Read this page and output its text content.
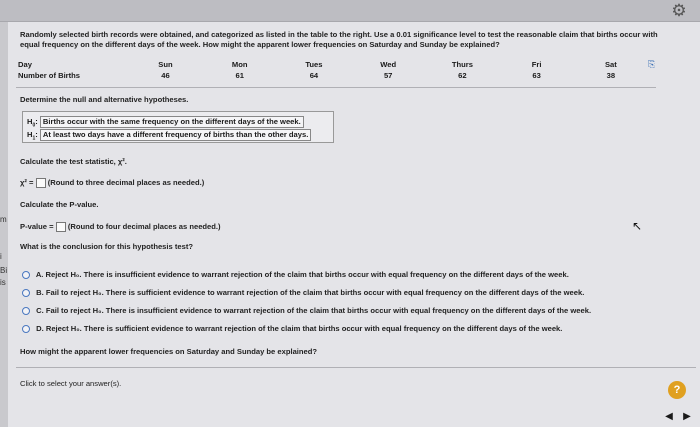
⚙
m
i
Bi
is
Randomly selected birth records were obtained, and categorized as listed in the table to the right. Use a 0.01 significance level to test the reasonable claim that births occur with equal frequency on the different days of the week. How might the apparent lower frequencies on Saturday and Sunday be explained?
Day	Sun	Mon	Tues	Wed	Thurs	Fri	Sat
Number of Births	46	61	64	57	62	63	38
⎘
Determine the null and alternative hypotheses.
$H_0$: Births occur with the same frequency on the different days of the week.
$H_1$: At least two days have a different frequency of births than the other days.
Calculate the test statistic, χ².
χ² = (Round to three decimal places as needed.)
Calculate the P-value.
P-value = (Round to four decimal places as needed.)
What is the conclusion for this hypothesis test?
A. Reject H₀. There is insufficient evidence to warrant rejection of the claim that births occur with equal frequency on the different days of the week.
B. Fail to reject H₀. There is sufficient evidence to warrant rejection of the claim that births occur with equal frequency on the different days of the week.
C. Fail to reject H₀. There is insufficient evidence to warrant rejection of the claim that births occur with equal frequency on the different days of the week.
D. Reject H₀. There is sufficient evidence to warrant rejection of the claim that births occur with equal frequency on the different days of the week.
How might the apparent lower frequencies on Saturday and Sunday be explained?
Click to select your answer(s).
?
↖
◀	▶
